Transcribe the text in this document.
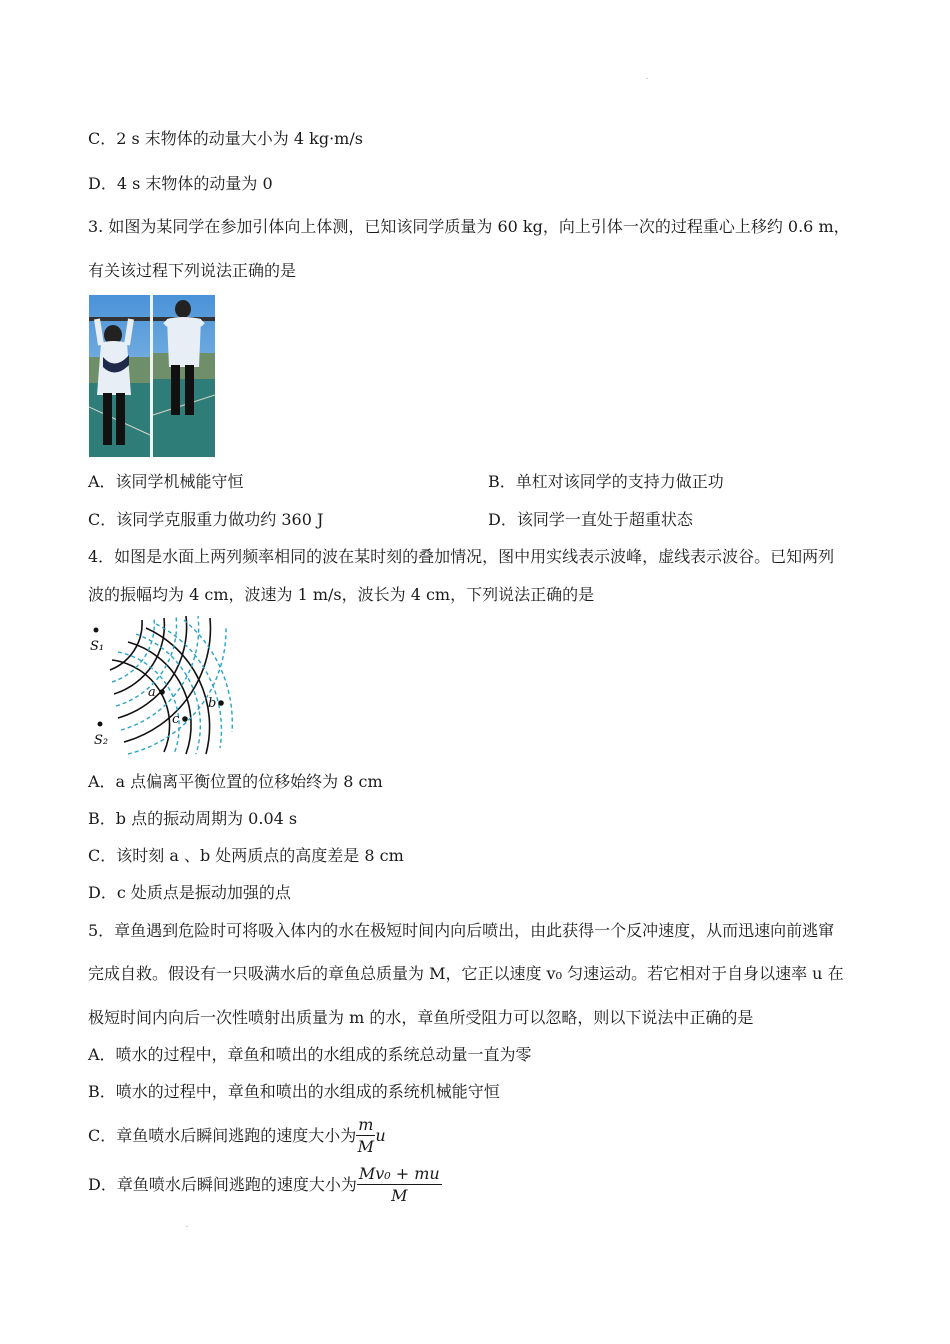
·
C．2 s 末物体的动量大小为 4 kg·m/s
D．4 s 末物体的动量为 0
3. 如图为某同学在参加引体向上体测，已知该同学质量为 60 kg，向上引体一次的过程重心上移约 0.6 m，
有关该过程下列说法正确的是
A．该同学机械能守恒	B．单杠对该同学的支持力做正功
C．该同学克服重力做功约 360 J	D．该同学一直处于超重状态
4．如图是水面上两列频率相同的波在某时刻的叠加情况，图中用实线表示波峰，虚线表示波谷。已知两列
波的振幅均为 4 cm，波速为 1 m/s，波长为 4 cm，下列说法正确的是
S₁
S₂
a
c
b
A．a 点偏离平衡位置的位移始终为 8 cm
B．b 点的振动周期为 0.04 s
C．该时刻 a 、b 处两质点的高度差是 8 cm
D．c 处质点是振动加强的点
5．章鱼遇到危险时可将吸入体内的水在极短时间内向后喷出，由此获得一个反冲速度，从而迅速向前逃窜
完成自救。假设有一只吸满水后的章鱼总质量为 M，它正以速度 v₀ 匀速运动。若它相对于自身以速率 u 在
极短时间内向后一次性喷射出质量为 m 的水，章鱼所受阻力可以忽略，则以下说法中正确的是
A．喷水的过程中，章鱼和喷出的水组成的系统总动量一直为零
B．喷水的过程中，章鱼和喷出的水组成的系统机械能守恒
C．章鱼喷水后瞬间逃跑的速度大小为 $\frac{m}{M}$ u
D．章鱼喷水后瞬间逃跑的速度大小为 $\frac{\text{Mv₀ + mu}}{M}$
·
